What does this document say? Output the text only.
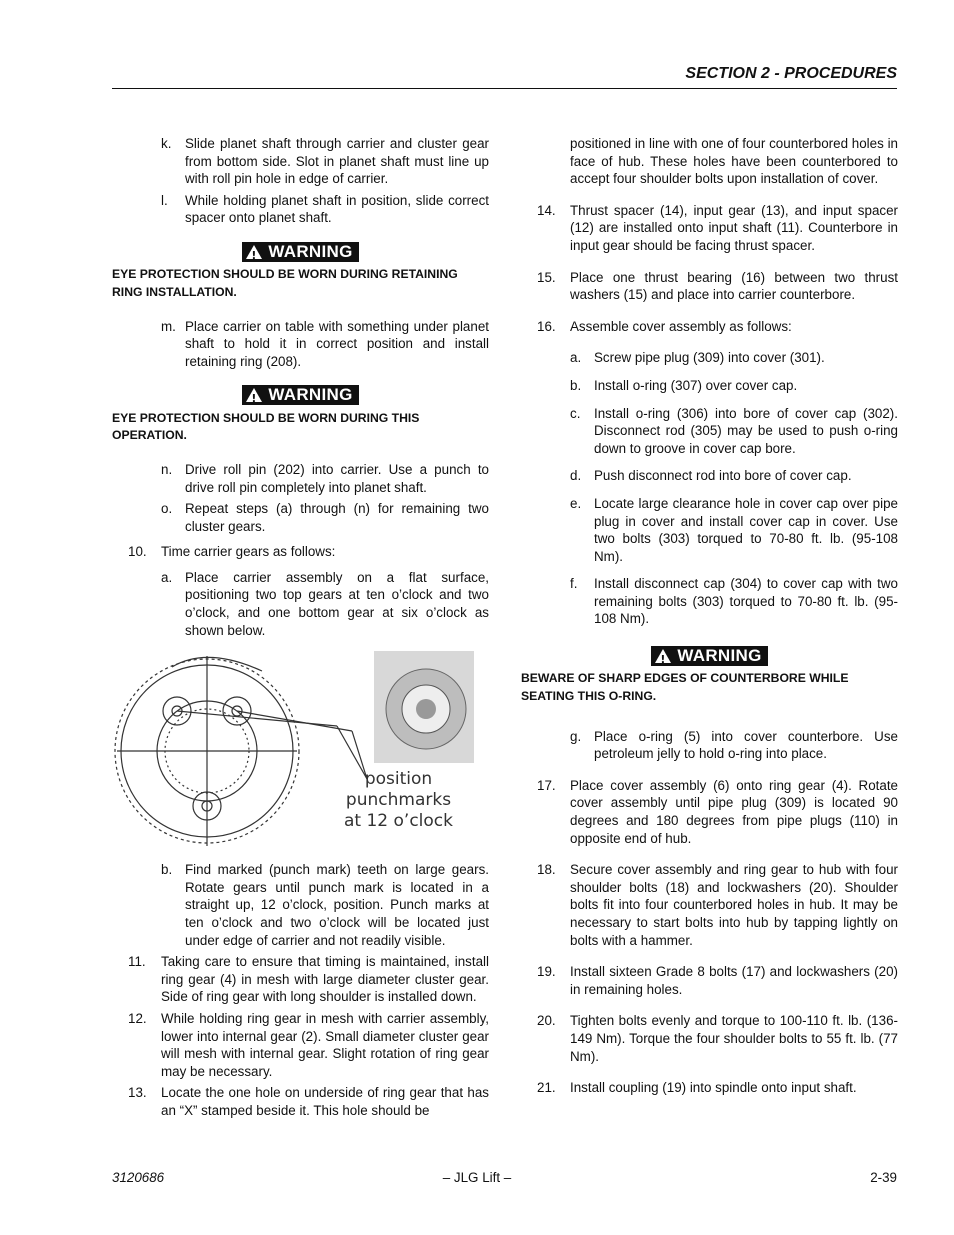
SECTION 2 - PROCEDURES
k.	Slide planet shaft through carrier and cluster gear from bottom side. Slot in planet shaft must line up with roll pin hole in edge of carrier.
l.	While holding planet shaft in position, slide correct spacer onto planet shaft.
! WARNING
EYE PROTECTION SHOULD BE WORN DURING RETAINING RING INSTALLATION.
m. Place carrier on table with something under planet shaft to hold it in correct position and install retaining ring (208).
! WARNING
EYE PROTECTION SHOULD BE WORN DURING THIS OPERATION.
n. Drive roll pin (202) into carrier. Use a punch to drive roll pin completely into planet shaft.
o. Repeat steps (a) through (n) for remaining two cluster gears.
10.	Time carrier gears as follows:
a. Place carrier assembly on a flat surface, positioning two top gears at ten o’clock and two o’clock, and one bottom gear at six o’clock as shown below.
position
punchmarks
at 12 o’clock
b. Find marked (punch mark) teeth on large gears. Rotate gears until punch mark is located in a straight up, 12 o’clock, position. Punch marks at ten o’clock and two o’clock will be located just under edge of carrier and not readily visible.
11.	Taking care to ensure that timing is maintained, install ring gear (4) in mesh with large diameter cluster gear. Side of ring gear with long shoulder is installed down.
12.	While holding ring gear in mesh with carrier assembly, lower into internal gear (2). Small diameter cluster gear will mesh with internal gear. Slight rotation of ring gear may be necessary.
13.	Locate the one hole on underside of ring gear that has an “X” stamped beside it. This hole should be
positioned in line with one of four counterbored holes in face of hub. These holes have been counterbored to accept four shoulder bolts upon installation of cover.
14.	Thrust spacer (14), input gear (13), and input spacer (12) are installed onto input shaft (11). Counterbore in input gear should be facing thrust spacer.
15.	Place one thrust bearing (16) between two thrust washers (15) and place into carrier counterbore.
16.	Assemble cover assembly as follows:
a. Screw pipe plug (309) into cover (301).
b. Install o-ring (307) over cover cap.
c.	Install o-ring (306) into bore of cover cap (302). Disconnect rod (305) may be used to push o-ring down to groove in cover cap bore.
d. Push disconnect rod into bore of cover cap.
e. Locate large clearance hole in cover cap over pipe plug in cover and install cover cap in cover. Use two bolts (303) torqued to 70-80 ft. lb. (95-108 Nm).
f.	Install disconnect cap (304) to cover cap with two remaining bolts (303) torqued to 70-80 ft. lb. (95-108 Nm).
! WARNING
BEWARE OF SHARP EDGES OF COUNTERBORE WHILE SEATING THIS O-RING.
g. Place o-ring (5) into cover counterbore. Use petroleum jelly to hold o-ring into place.
17.	Place cover assembly (6) onto ring gear (4). Rotate cover assembly until pipe plug (309) is located 90 degrees and 180 degrees from pipe plugs (110) in opposite end of hub.
18.	Secure cover assembly and ring gear to hub with four shoulder bolts (18) and lockwashers (20). Shoulder bolts fit into four counterbored holes in hub. It may be necessary to start bolts into hub by tapping lightly on bolts with a hammer.
19.	Install sixteen Grade 8 bolts (17) and lockwashers (20) in remaining holes.
20.	Tighten bolts evenly and torque to 100-110 ft. lb. (136-149 Nm). Torque the four shoulder bolts to 55 ft. lb. (77 Nm).
21.	Install coupling (19) into spindle onto input shaft.
3120686	– JLG Lift –	2-39
